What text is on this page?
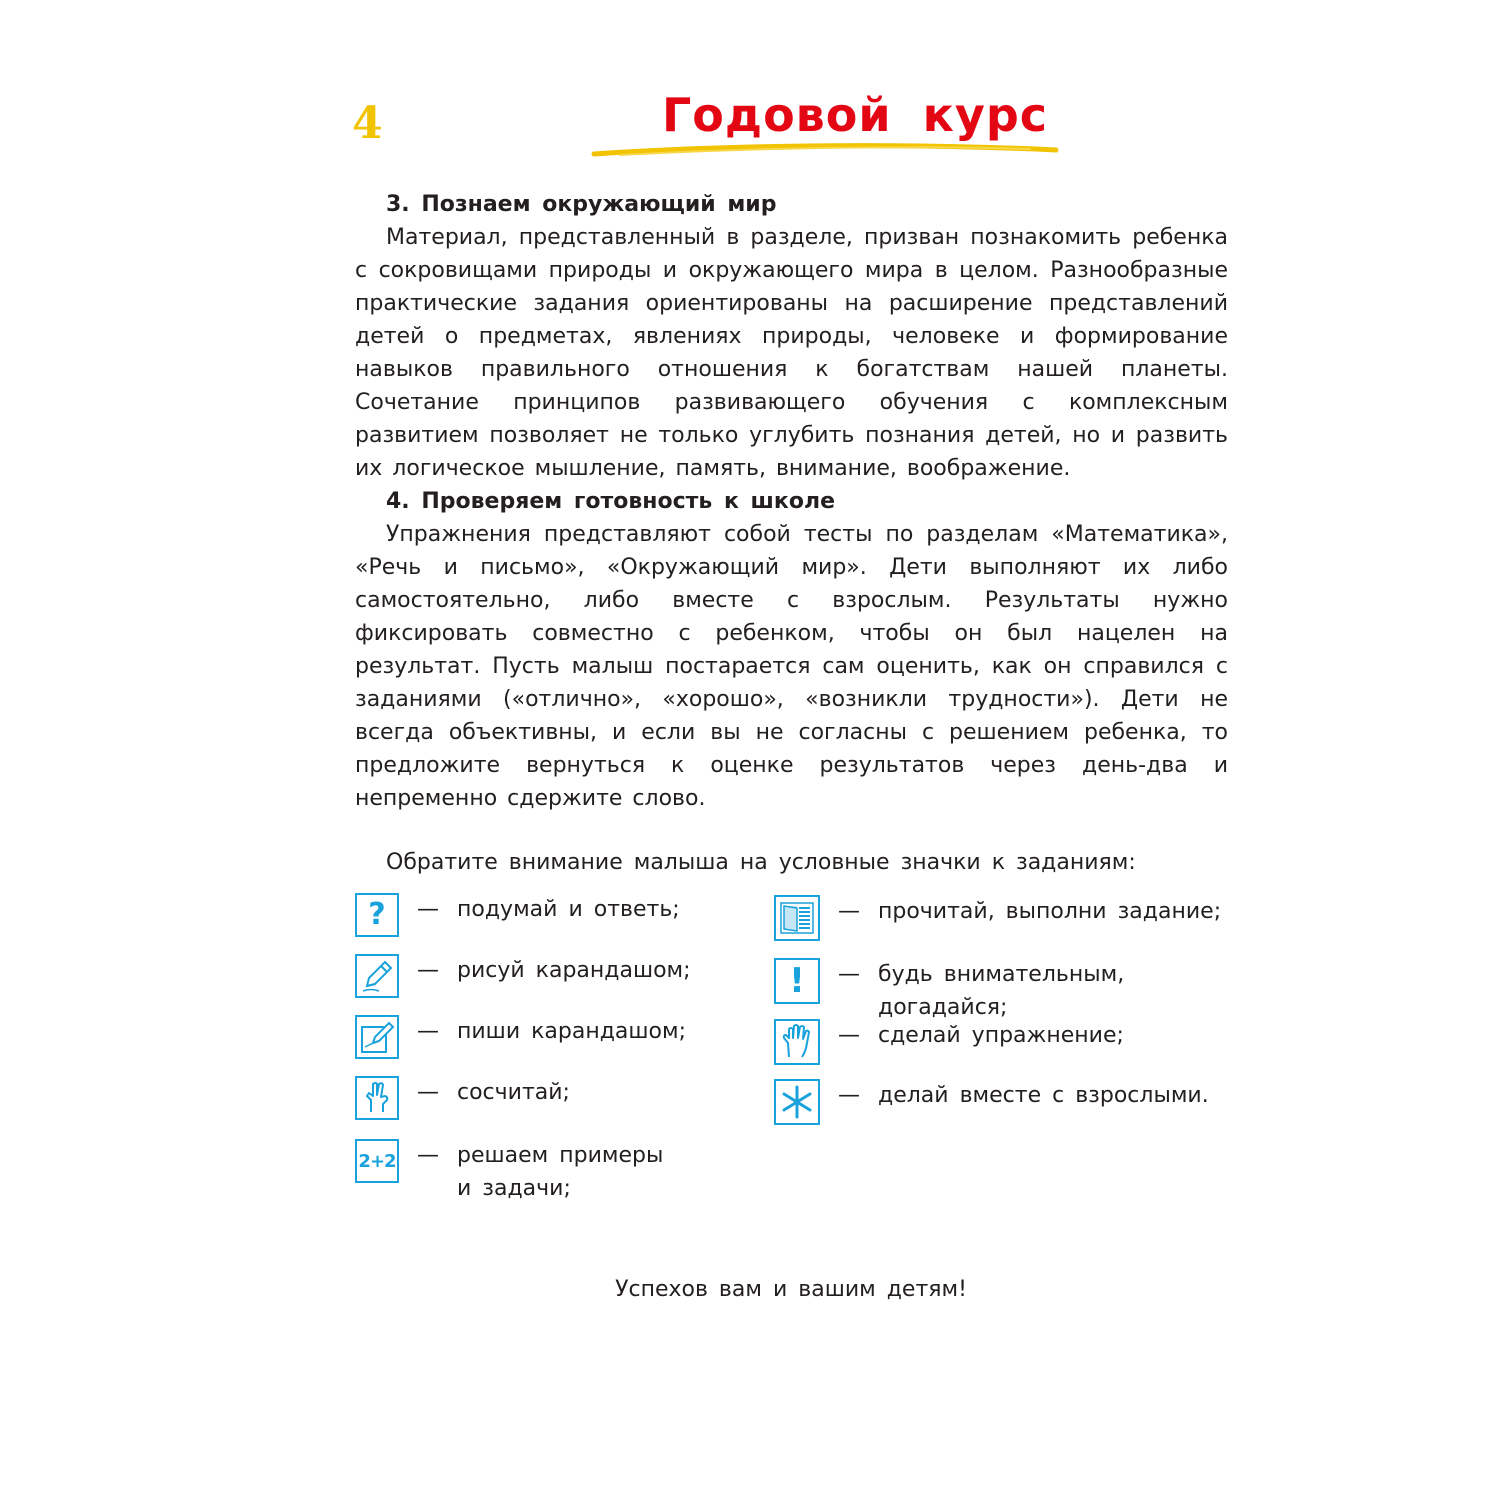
4	Годовой курс

3. Познаем окружающий мир

Материал, представленный в разделе, призван познакомить ребенка с сокровищами природы и окружающего мира в целом. Разнообразные практические задания ориентированы на расширение представлений детей о предметах, явлениях природы, человеке и формирование навыков правильного отношения к богатствам нашей планеты. Сочетание принципов развивающего обучения с комплексным развитием позволяет не только углубить познания детей, но и развить их логическое мышление, память, внимание, воображение.

4. Проверяем готовность к школе

Упражнения представляют собой тесты по разделам «Математика», «Речь и письмо», «Окружающий мир». Дети выполняют их либо самостоятельно, либо вместе с взрослым. Результаты нужно фиксировать совместно с ребенком, чтобы он был нацелен на результат. Пусть малыш постарается сам оценить, как он справился с заданиями («отлично», «хорошо», «возникли трудности»). Дети не всегда объективны, и если вы не согласны с решением ребенка, то предложите вернуться к оценке результатов через день-два и непременно сдержите слово.

Обратите внимание малыша на условные значки к заданиям:
? — подумай и ответь;
— рисуй карандашом;
— пиши карандашом;
— сосчитай;
2+2 — решаем примеры и задачи;
— прочитай, выполни задание;
! — будь внимательным, догадайся;
— сделай упражнение;
— делай вместе с взрослыми.
Успехов вам и вашим детям!
